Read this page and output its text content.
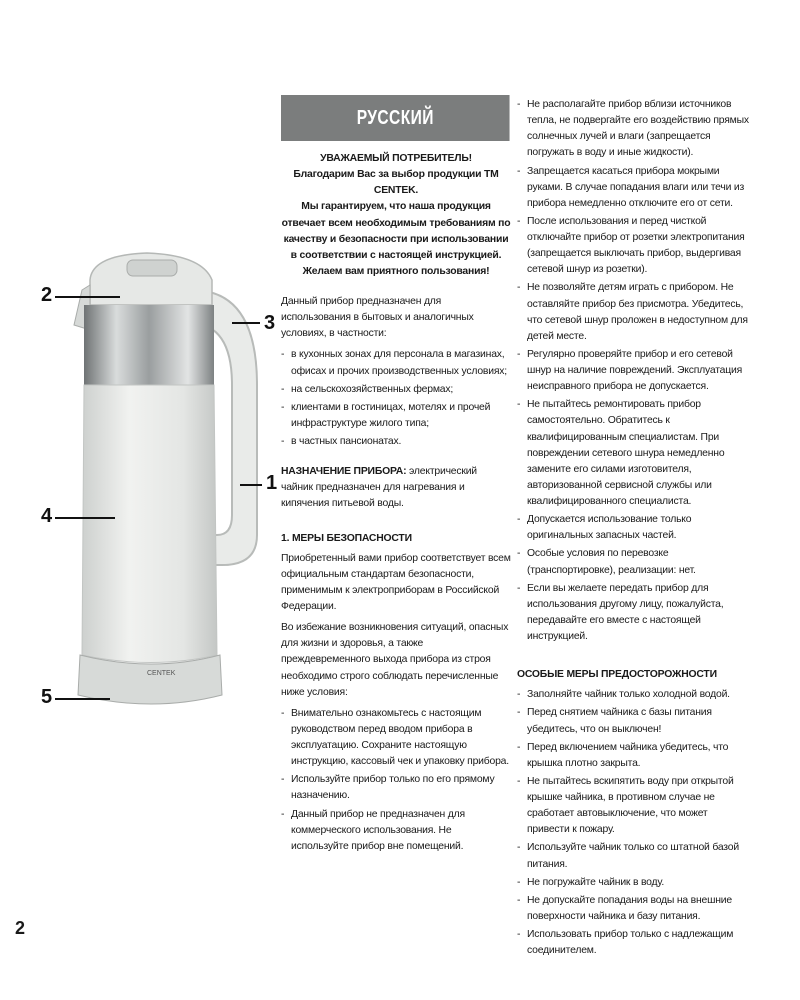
CENTEK
2
3
1
4
5
РУССКИЙ
УВАЖАЕМЫЙ ПОТРЕБИТЕЛЬ!
Благодарим Вас за выбор продукции ТМ CENTEK.
Мы гарантируем, что наша продукция отвечает всем необходимым требованиям по качеству и безопасности при использовании в соответствии с настоящей инструкцией. Желаем вам приятного пользования!

Данный прибор предназначен для использования в бытовых и аналогичных условиях, в частности:

- в кухонных зонах для персонала в магазинах, офисах и прочих производственных условиях;
- на сельскохозяйственных фермах;
- клиентами в гостиницах, мотелях и прочей инфраструктуре жилого типа;
- в частных пансионатах.

НАЗНАЧЕНИЕ ПРИБОРА: электрический чайник предназначен для нагревания и кипячения питьевой воды.

1. МЕРЫ БЕЗОПАСНОСТИ

Приобретенный вами прибор соответствует всем официальным стандартам безопасности, применимым к электроприборам в Российской Федерации.

Во избежание возникновения ситуаций, опасных для жизни и здоровья, а также преждевременного выхода прибора из строя необходимо строго соблюдать перечисленные ниже условия:

- Внимательно ознакомьтесь с настоящим руководством перед вводом прибора в эксплуатацию. Сохраните настоящую инструкцию, кассовый чек и упаковку прибора.
- Используйте прибор только по его прямому назначению.
- Данный прибор не предназначен для коммерческого использования. Не используйте прибор вне помещений.
- Не располагайте прибор вблизи источников тепла, не подвергайте его воздействию прямых солнечных лучей и влаги (запрещается погружать в воду и иные жидкости).
- Запрещается касаться прибора мокрыми руками. В случае попадания влаги или течи из прибора немедленно отключите его от сети.
- После использования и перед чисткой отключайте прибор от розетки электропитания (запрещается выключать прибор, выдергивая сетевой шнур из розетки).
- Не позволяйте детям играть с прибором. Не оставляйте прибор без присмотра. Убедитесь, что сетевой шнур проложен в недоступном для детей месте.
- Регулярно проверяйте прибор и его сетевой шнур на наличие повреждений. Эксплуатация неисправного прибора не допускается.
- Не пытайтесь ремонтировать прибор самостоятельно. Обратитесь к квалифицированным специалистам. При повреждении сетевого шнура немедленно замените его силами изготовителя, авторизованной сервисной службы или квалифицированного специалиста.
- Допускается использование только оригинальных запасных частей.
- Особые условия по перевозке (транспортировке), реализации: нет.
- Если вы желаете передать прибор для использования другому лицу, пожалуйста, передавайте его вместе с настоящей инструкцией.
ОСОБЫЕ МЕРЫ ПРЕДОСТОРОЖНОСТИ
- Заполняйте чайник только холодной водой.
- Перед снятием чайника с базы питания убедитесь, что он выключен!
- Перед включением чайника убедитесь, что крышка плотно закрыта.
- Не пытайтесь вскипятить воду при открытой крышке чайника, в противном случае не сработает автовыключение, что может привести к пожару.
- Используйте чайник только со штатной базой питания.
- Не погружайте чайник в воду.
- Не допускайте попадания воды на внешние поверхности чайника и базу питания.
- Использовать прибор только с надлежащим соединителем.
2
